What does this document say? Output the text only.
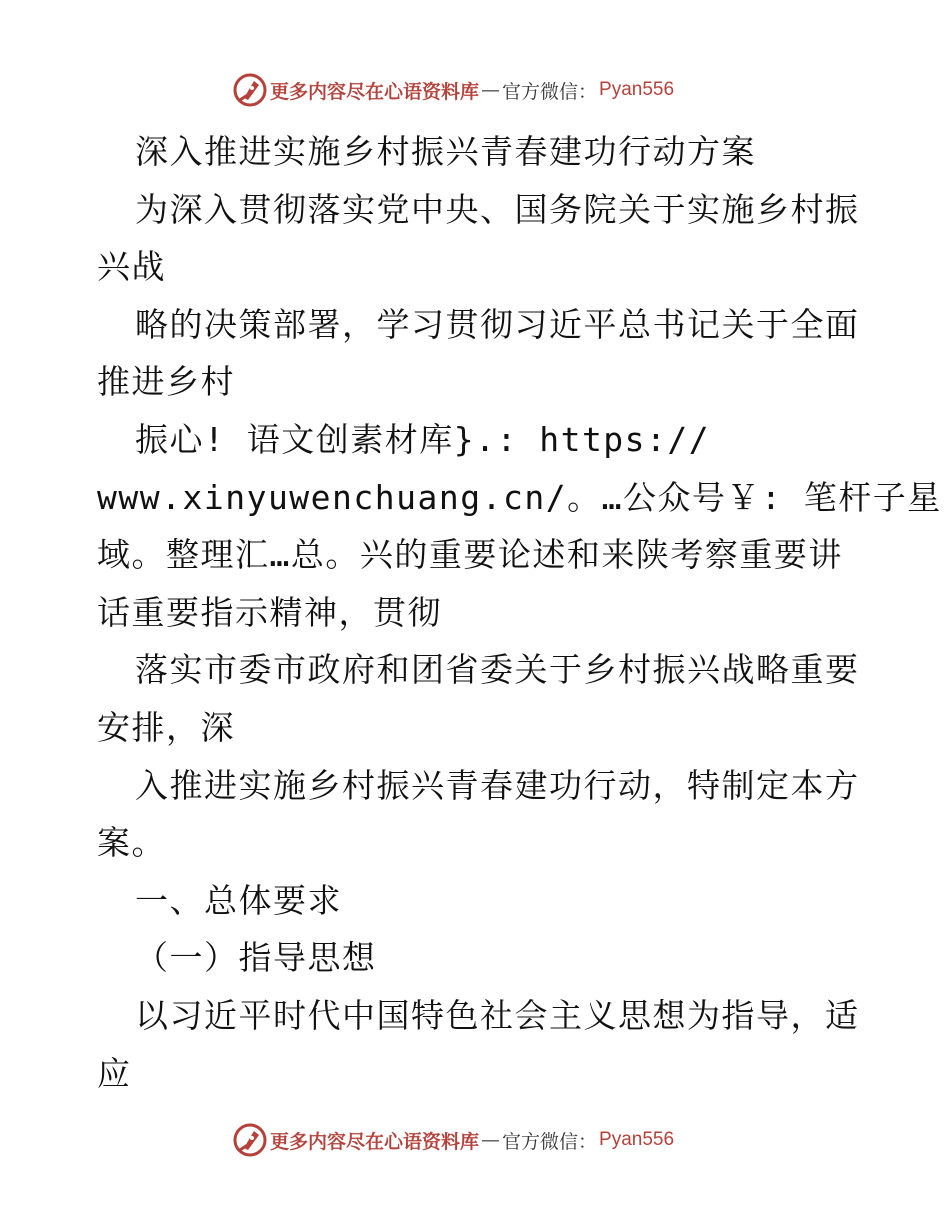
更多内容尽在心语资料库 — 官方微信： Pyan556
深入推进实施乡村振兴青春建功行动方案
为深入贯彻落实党中央、国务院关于实施乡村振
兴战
略的决策部署，学习贯彻习近平总书记关于全面
推进乡村
振心! 语文创素材库}.: https://
www.xinyuwenchuang.cn/。…公众号￥: 笔杆子星
域。整理汇…总。兴的重要论述和来陕考察重要讲
话重要指示精神，贯彻
落实市委市政府和团省委关于乡村振兴战略重要
安排，深
入推进实施乡村振兴青春建功行动，特制定本方
案。
一、总体要求
（一）指导思想
以习近平时代中国特色社会主义思想为指导，适
应
更多内容尽在心语资料库 — 官方微信： Pyan556
